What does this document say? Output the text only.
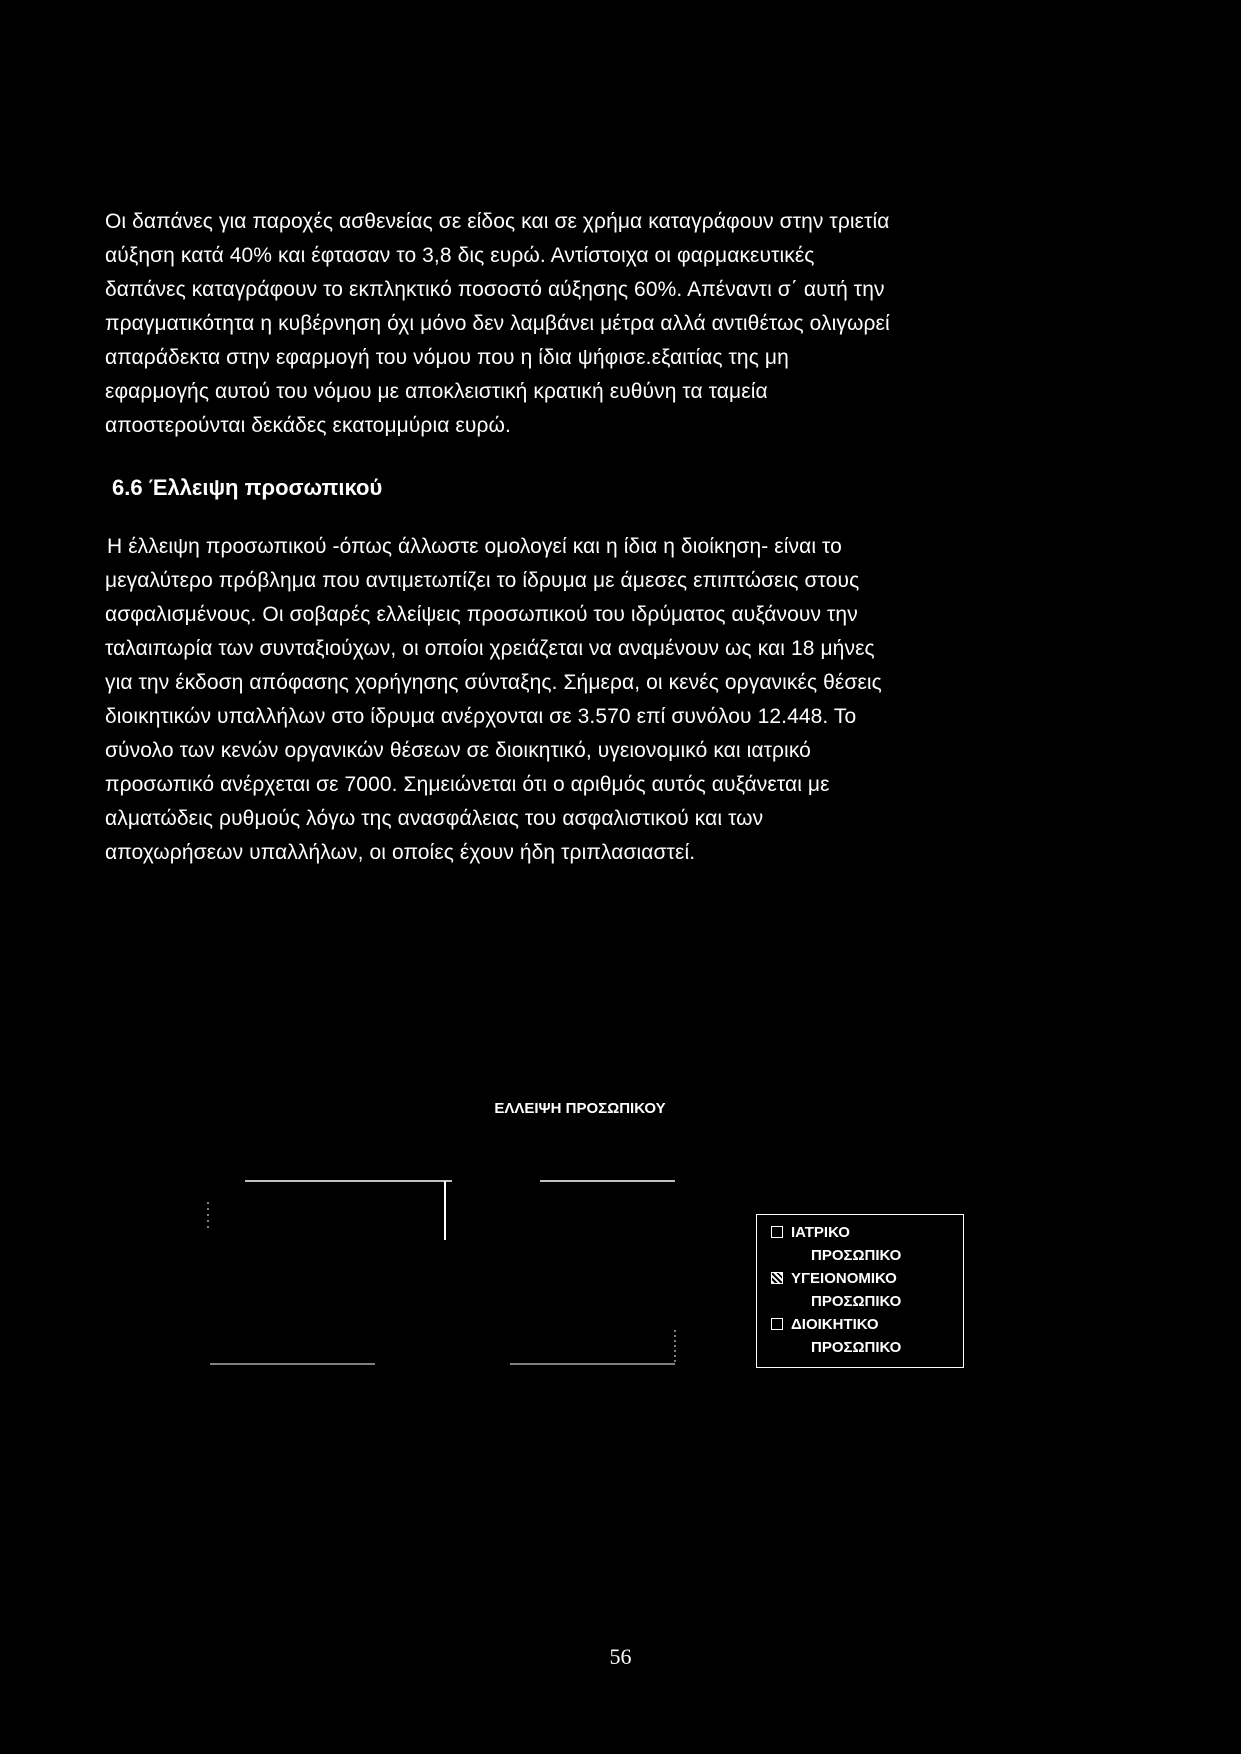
Οι δαπάνες για παροχές ασθενείας σε είδος και σε χρήμα καταγράφουν στην τριετία
αύξηση κατά 40% και έφτασαν το 3,8 δις ευρώ. Αντίστοιχα οι φαρμακευτικές
δαπάνες καταγράφουν το εκπληκτικό ποσοστό αύξησης 60%. Απέναντι σ΄ αυτή την
πραγματικότητα η κυβέρνηση όχι μόνο δεν λαμβάνει μέτρα αλλά αντιθέτως ολιγωρεί
απαράδεκτα στην εφαρμογή του νόμου που η ίδια ψήφισε.εξαιτίας της μη
εφαρμογής αυτού του νόμου με αποκλειστική κρατική ευθύνη τα ταμεία
αποστερούνται δεκάδες εκατομμύρια ευρώ.

6.6 Έλλειψη προσωπικού

Η έλλειψη προσωπικού -όπως άλλωστε ομολογεί και η ίδια η διοίκηση- είναι το
μεγαλύτερο πρόβλημα που αντιμετωπίζει το ίδρυμα με άμεσες επιπτώσεις στους
ασφαλισμένους. Οι σοβαρές ελλείψεις προσωπικού του ιδρύματος αυξάνουν την
ταλαιπωρία των συνταξιούχων, οι οποίοι χρειάζεται να αναμένουν ως και 18 μήνες
για την έκδοση απόφασης χορήγησης σύνταξης. Σήμερα, οι κενές οργανικές θέσεις
διοικητικών υπαλλήλων στο ίδρυμα ανέρχονται σε 3.570 επί συνόλου 12.448. Το
σύνολο των κενών οργανικών θέσεων σε διοικητικό, υγειονομικό και ιατρικό
προσωπικό ανέρχεται σε 7000. Σημειώνεται ότι ο αριθμός αυτός αυξάνεται με
αλματώδεις ρυθμούς λόγω της ανασφάλειας του ασφαλιστικού και των
αποχωρήσεων υπαλλήλων, οι οποίες έχουν ήδη τριπλασιαστεί.

ΕΛΛΕΙΨΗ ΠΡΟΣΩΠΙΚΟΥ
ΙΑΤΡΙΚΟ
ΠΡΟΣΩΠΙΚΟ
ΥΓΕΙΟΝΟΜΙΚΟ
ΠΡΟΣΩΠΙΚΟ
ΔΙΟΙΚΗΤΙΚΟ
ΠΡΟΣΩΠΙΚΟ
56
